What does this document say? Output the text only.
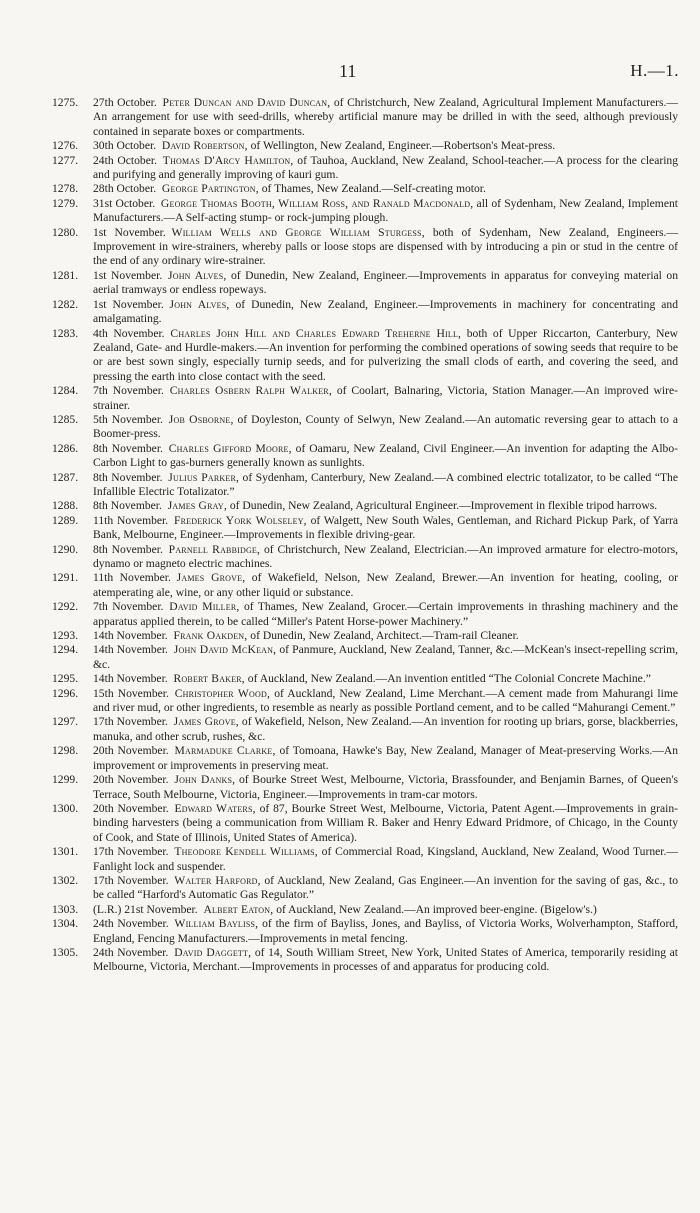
11	H.—1.
1275.	27th October.  Peter Duncan and David Duncan, of Christchurch, New Zealand, Agricultural Implement Manufacturers.—An arrangement for use with seed-drills, whereby artificial manure may be drilled in with the seed, although previously contained in separate boxes or compartments.
1276.	30th October.  David Robertson, of Wellington, New Zealand, Engineer.—Robertson's Meat-press.
1277.	24th October.  Thomas D'Arcy Hamilton, of Tauhoa, Auckland, New Zealand, School-teacher.—A process for the clearing and purifying and generally improving of kauri gum.
1278.	28th October.  George Partington, of Thames, New Zealand.—Self-creating motor.
1279.	31st October.  George Thomas Booth, William Ross, and Ranald Macdonald, all of Sydenham, New Zealand, Implement Manufacturers.—A Self-acting stump- or rock-jumping plough.
1280.	1st November.  William Wells and George William Sturgess, both of Sydenham, New Zealand, Engineers.—Improvement in wire-strainers, whereby palls or loose stops are dispensed with by introducing a pin or stud in the centre of the end of any ordinary wire-strainer.
1281.	1st November.  John Alves, of Dunedin, New Zealand, Engineer.—Improvements in apparatus for conveying material on aerial tramways or endless ropeways.
1282.	1st November.  John Alves, of Dunedin, New Zealand, Engineer.—Improvements in machinery for concentrating and amalgamating.
1283.	4th November.  Charles John Hill and Charles Edward Treherne Hill, both of Upper Riccarton, Canterbury, New Zealand, Gate- and Hurdle-makers.—An invention for performing the combined operations of sowing seeds that require to be or are best sown singly, especially turnip seeds, and for pulverizing the small clods of earth, and covering the seed, and pressing the earth into close contact with the seed.
1284.	7th November.  Charles Osbern Ralph Walker, of Coolart, Balnaring, Victoria, Station Manager.—An improved wire-strainer.
1285.	5th November.  Job Osborne, of Doyleston, County of Selwyn, New Zealand.—An automatic reversing gear to attach to a Boomer-press.
1286.	8th November.  Charles Gifford Moore, of Oamaru, New Zealand, Civil Engineer.—An invention for adapting the Albo-Carbon Light to gas-burners generally known as sunlights.
1287.	8th November.  Julius Parker, of Sydenham, Canterbury, New Zealand.—A combined electric totalizator, to be called “The Infallible Electric Totalizator.”
1288.	8th November.  James Gray, of Dunedin, New Zealand, Agricultural Engineer.—Improvement in flexible tripod harrows.
1289.	11th November.  Frederick York Wolseley, of Walgett, New South Wales, Gentleman, and Richard Pickup Park, of Yarra Bank, Melbourne, Engineer.—Improvements in flexible driving-gear.
1290.	8th November.  Parnell Rabbidge, of Christchurch, New Zealand, Electrician.—An improved armature for electro-motors, dynamo or magneto electric machines.
1291.	11th November.  James Grove, of Wakefield, Nelson, New Zealand, Brewer.—An invention for heating, cooling, or atemperating ale, wine, or any other liquid or substance.
1292.	7th November.  David Miller, of Thames, New Zealand, Grocer.—Certain improvements in thrashing machinery and the apparatus applied therein, to be called “Miller's Patent Horse-power Machinery.”
1293.	14th November.  Frank Oakden, of Dunedin, New Zealand, Architect.—Tram-rail Cleaner.
1294.	14th November.  John David McKean, of Panmure, Auckland, New Zealand, Tanner, &c.—McKean's insect-repelling scrim, &c.
1295.	14th November.  Robert Baker, of Auckland, New Zealand.—An invention entitled “The Colonial Concrete Machine.”
1296.	15th November.  Christopher Wood, of Auckland, New Zealand, Lime Merchant.—A cement made from Mahurangi lime and river mud, or other ingredients, to resemble as nearly as possible Portland cement, and to be called “Mahurangi Cement.”
1297.	17th November.  James Grove, of Wakefield, Nelson, New Zealand.—An invention for rooting up briars, gorse, blackberries, manuka, and other scrub, rushes, &c.
1298.	20th November.  Marmaduke Clarke, of Tomoana, Hawke's Bay, New Zealand, Manager of Meat-preserving Works.—An improvement or improvements in preserving meat.
1299.	20th November.  John Danks, of Bourke Street West, Melbourne, Victoria, Brassfounder, and Benjamin Barnes, of Queen's Terrace, South Melbourne, Victoria, Engineer.—Improvements in tram-car motors.
1300.	20th November.  Edward Waters, of 87, Bourke Street West, Melbourne, Victoria, Patent Agent.—Improvements in grain-binding harvesters (being a communication from William R. Baker and Henry Edward Pridmore, of Chicago, in the County of Cook, and State of Illinois, United States of America).
1301.	17th November.  Theodore Kendell Williams, of Commercial Road, Kingsland, Auckland, New Zealand, Wood Turner.—Fanlight lock and suspender.
1302.	17th November.  Walter Harford, of Auckland, New Zealand, Gas Engineer.—An invention for the saving of gas, &c., to be called “Harford's Automatic Gas Regulator.”
1303.	(L.R.) 21st November.  Albert Eaton, of Auckland, New Zealand.—An improved beer-engine. (Bigelow's.)
1304.	24th November.  William Bayliss, of the firm of Bayliss, Jones, and Bayliss, of Victoria Works, Wolverhampton, Stafford, England, Fencing Manufacturers.—Improvements in metal fencing.
1305.	24th November.  David Daggett, of 14, South William Street, New York, United States of America, temporarily residing at Melbourne, Victoria, Merchant.—Improvements in processes of and apparatus for producing cold.
